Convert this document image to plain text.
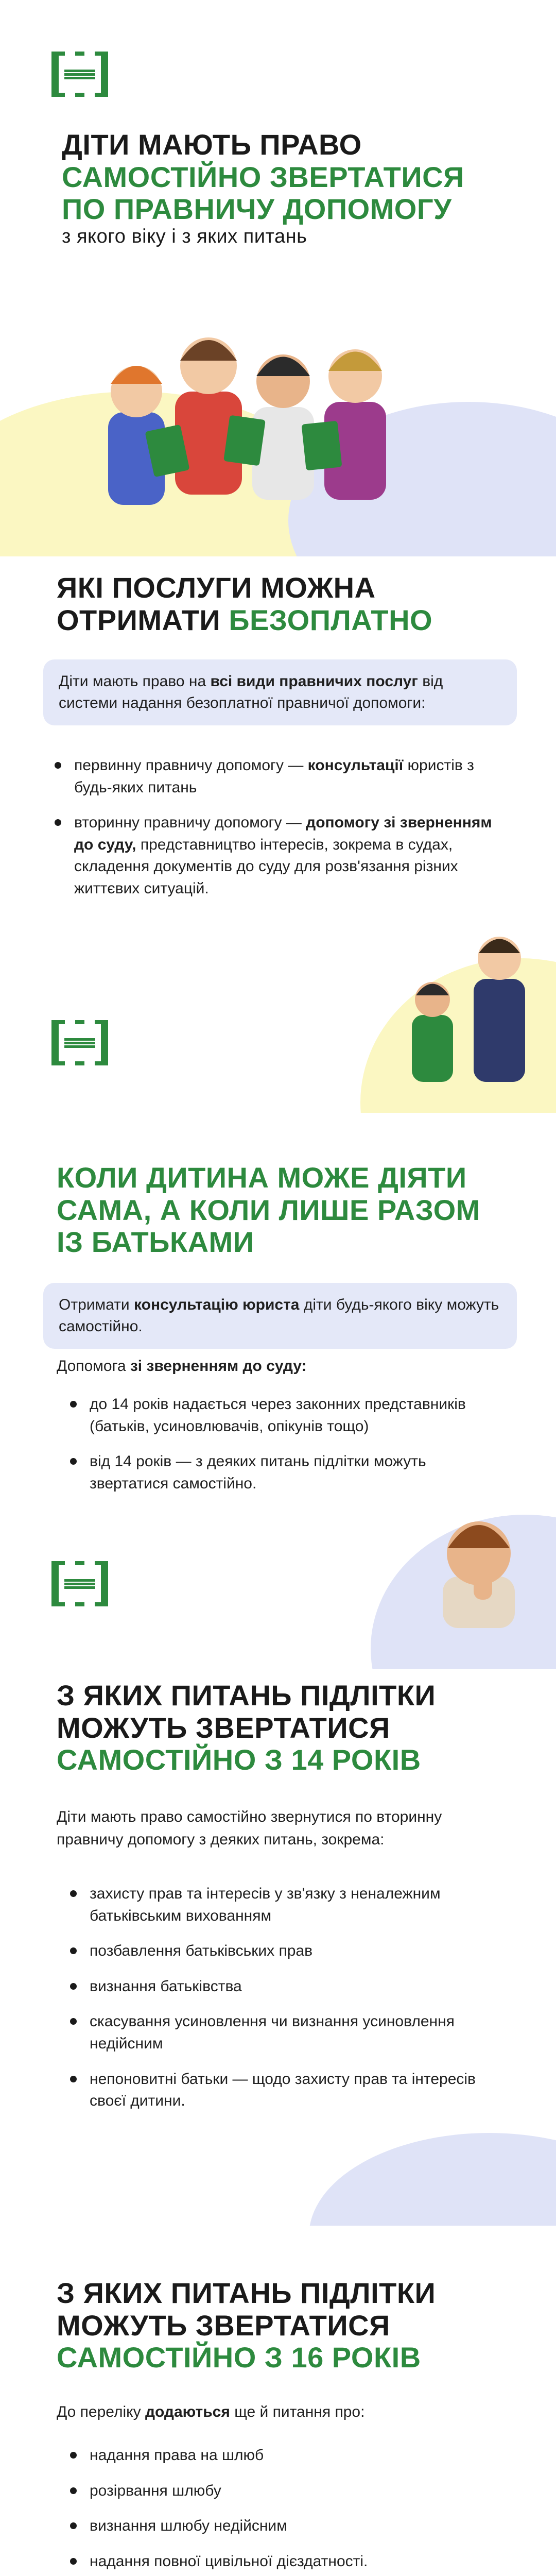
ДІТИ МАЮТЬ ПРАВО
САМОСТІЙНО ЗВЕРТАТИСЯ
ПО ПРАВНИЧУ ДОПОМОГУ
з якого віку і з яких питань
ЯКІ ПОСЛУГИ МОЖНА
ОТРИМАТИ БЕЗОПЛАТНО
Діти мають право на всі види правничих послуг від системи надання безоплатної правничої допомоги:
первинну правничу допомогу — консультації юристів з будь-яких питань
вторинну правничу допомогу — допомогу зі зверненням до суду, представництво інтересів, зокрема в судах, складення документів до суду для розв'язання різних життєвих ситуацій.
КОЛИ ДИТИНА МОЖЕ ДІЯТИ
САМА, А КОЛИ ЛИШЕ РАЗОМ
ІЗ БАТЬКАМИ
Отримати консультацію юриста діти будь-якого віку можуть самостійно.
Допомога зі зверненням до суду:
до 14 років надається через законних представників (батьків, усиновлювачів, опікунів тощо)
від 14 років — з деяких питань підлітки можуть звертатися самостійно.
З ЯКИХ ПИТАНЬ ПІДЛІТКИ
МОЖУТЬ ЗВЕРТАТИСЯ
САМОСТІЙНО З 14 РОКІВ
Діти мають право самостійно звернутися по вторинну правничу допомогу з деяких питань, зокрема:
захисту прав та інтересів у зв'язку з неналежним батьківським вихованням
позбавлення батьківських прав
визнання батьківства
скасування усиновлення чи визнання усиновлення недійсним
непоновитні батьки — щодо захисту прав та інтересів своєї дитини.
З ЯКИХ ПИТАНЬ ПІДЛІТКИ
МОЖУТЬ ЗВЕРТАТИСЯ
САМОСТІЙНО З 16 РОКІВ
До переліку додаються ще й питання про:
надання права на шлюб
розірвання шлюбу
визнання шлюбу недійсним
надання повної цивільної дієздатності.
